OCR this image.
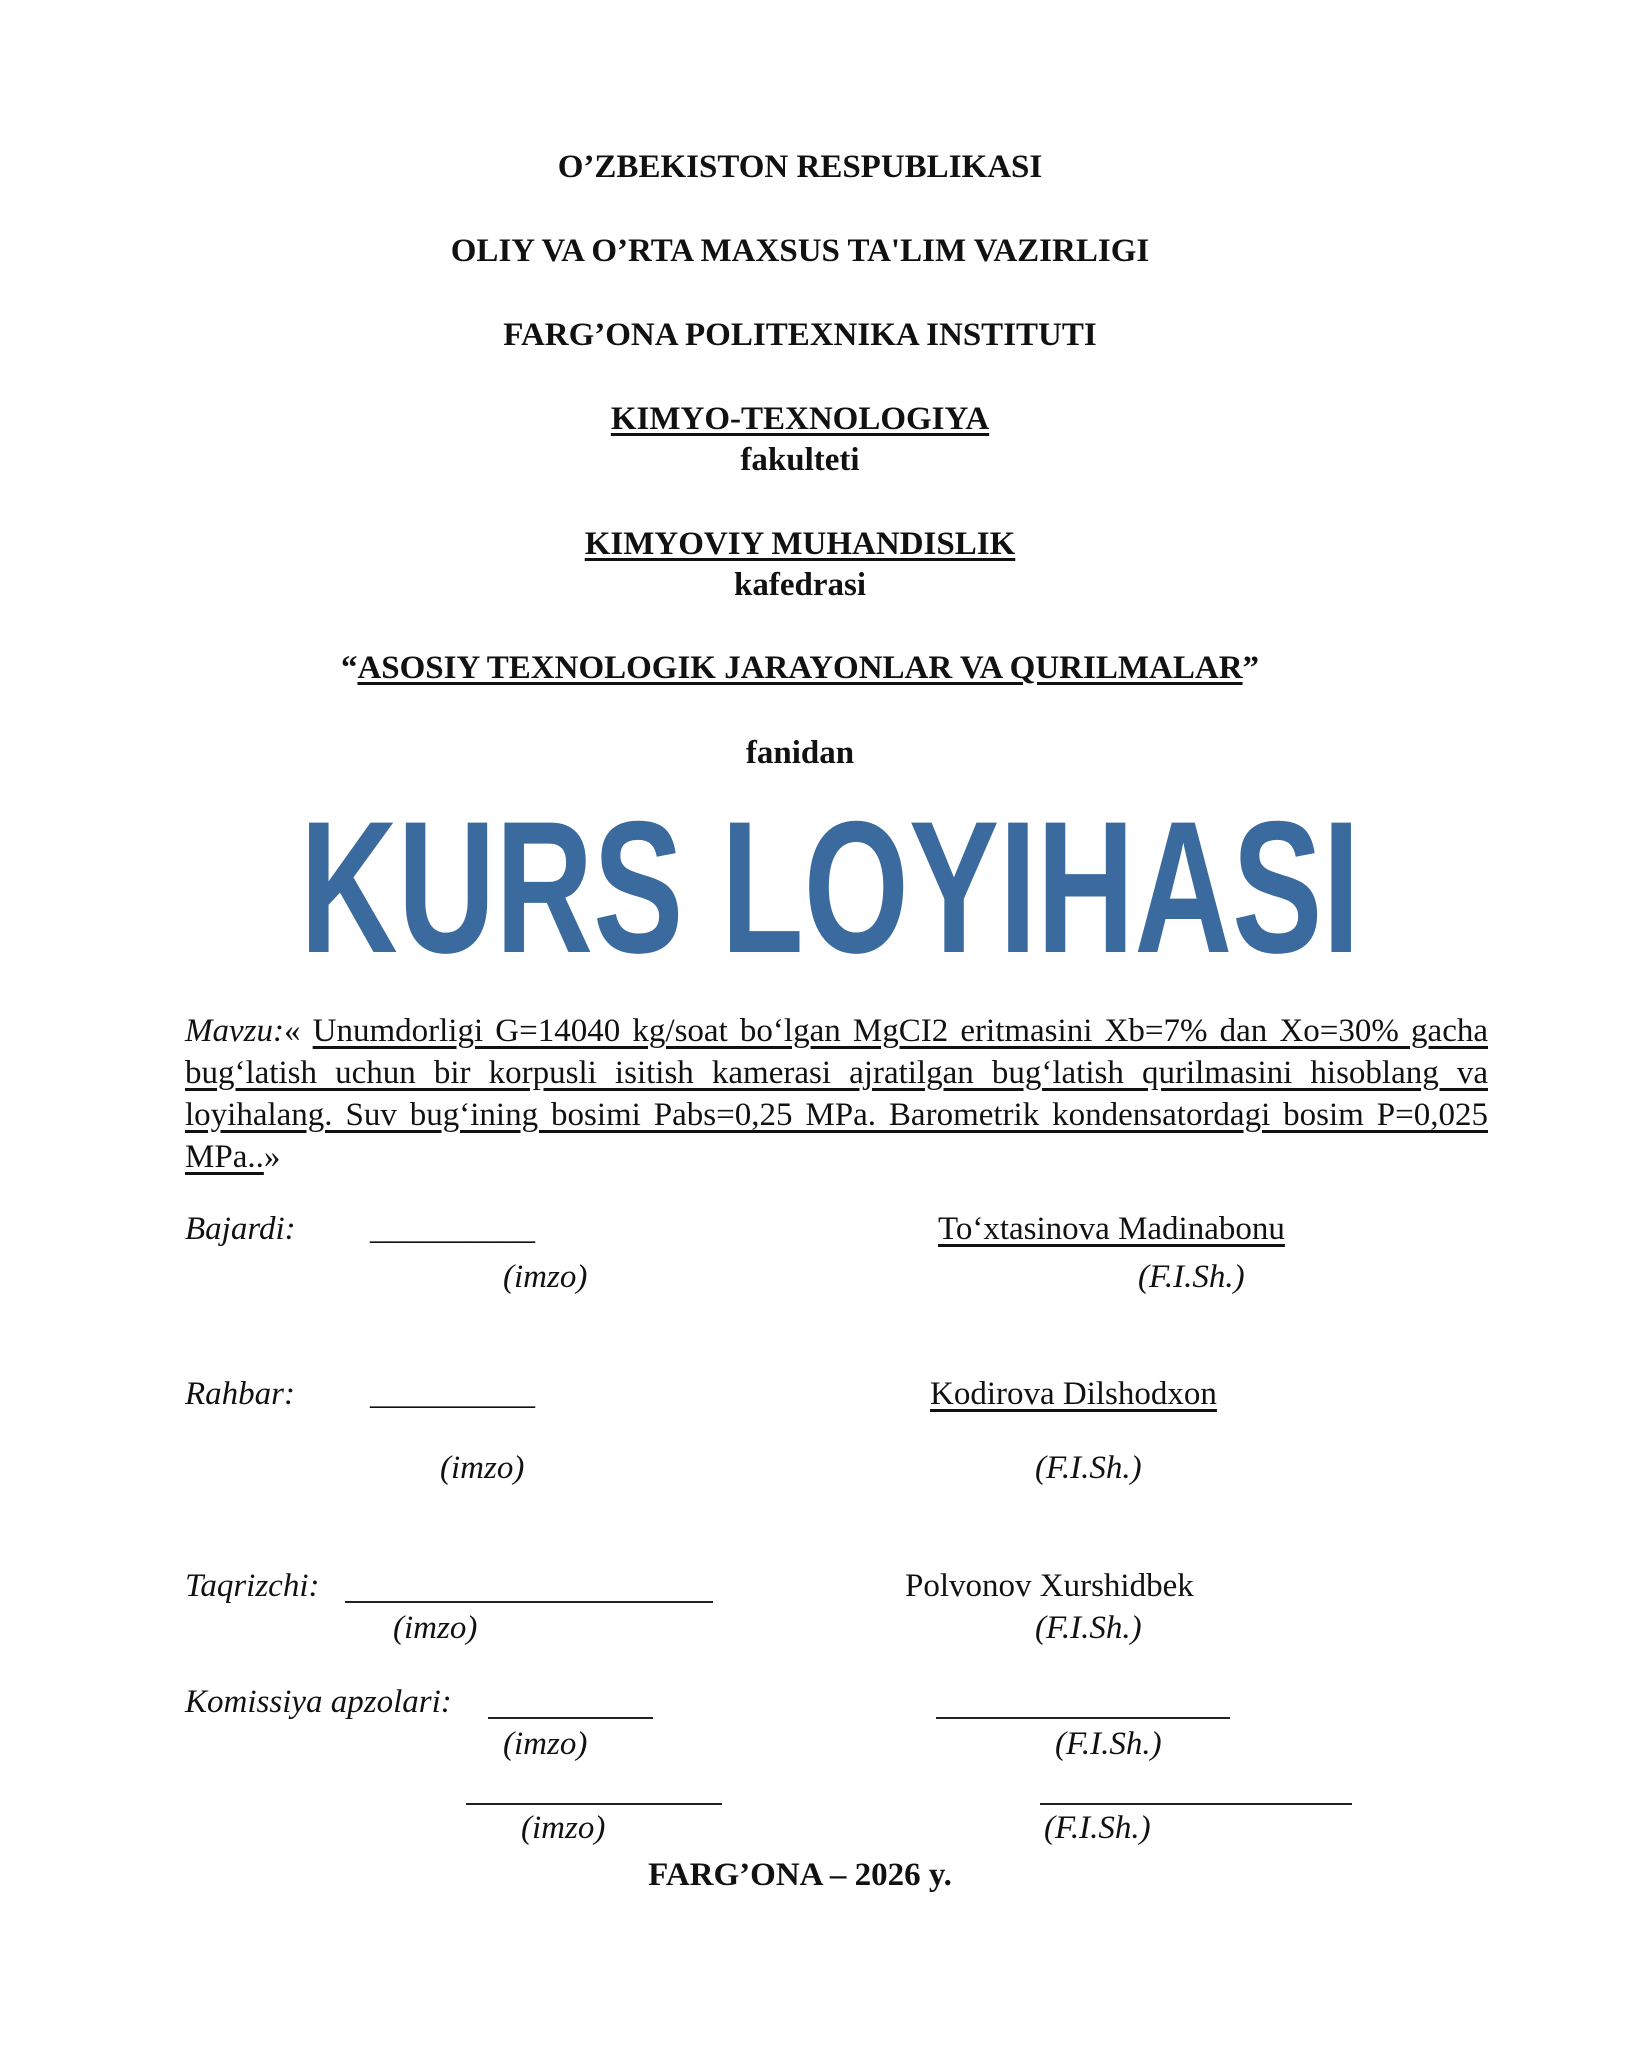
O’ZBEKISTON RESPUBLIKASI
OLIY VA O’RTA MAXSUS TA'LIM VAZIRLIGI
FARG’ONA POLITEXNIKA INSTITUTI
KIMYO-TEXNOLOGIYA
fakulteti
KIMYOVIY MUHANDISLIK
kafedrasi
“ASOSIY TEXNOLOGIK JARAYONLAR VA QURILMALAR”
fanidan
KURS LOYIHASI
Mavzu:« Unumdorligi G=14040 kg/soat bo‘lgan MgCI2 eritmasini Xb=7% dan Xo=30% gacha bug‘latish uchun bir korpusli isitish kamerasi ajratilgan bug‘latish qurilmasini hisoblang va loyihalang. Suv bug‘ining bosimi Pabs=0,25 MPa. Barometrik kondensatordagi bosim P=0,025 MPa..»
Bajardi: __________	To‘xtasinova Madinabonu
(imzo)	(F.I.Sh.)
Rahbar: __________	Kodirova Dilshodxon
(imzo)	(F.I.Sh.)
Taqrizchi:	Polvonov Xurshidbek
(imzo)	(F.I.Sh.)
Komissiya apzolari:
(imzo)	(F.I.Sh.)
(imzo)	(F.I.Sh.)
FARG’ONA – 2026 y.
